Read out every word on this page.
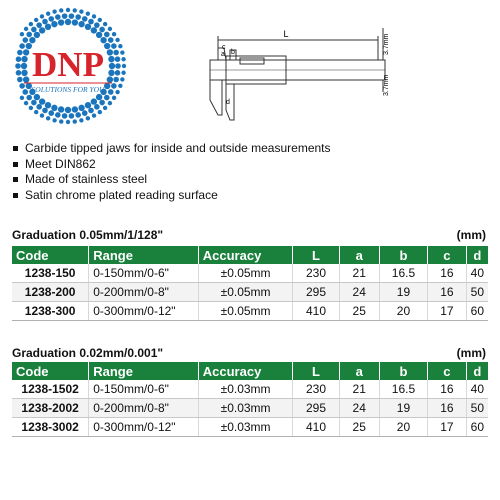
DNP
SOLUTIONS FOR YOU
L
a b
c
d
3.7mm
3.7mm
Carbide tipped jaws for inside and outside measurements
Meet DIN862
Made of stainless steel
Satin chrome plated reading surface
Graduation 0.05mm/1/128"	(mm)
Code	Range	Accuracy	L	a	b	c	d
1238-150	0-150mm/0-6"	±0.05mm	230	21	16.5	16	40
1238-200	0-200mm/0-8"	±0.05mm	295	24	19	16	50
1238-300	0-300mm/0-12"	±0.05mm	410	25	20	17	60
Graduation 0.02mm/0.001"	(mm)
Code	Range	Accuracy	L	a	b	c	d
1238-1502	0-150mm/0-6"	±0.03mm	230	21	16.5	16	40
1238-2002	0-200mm/0-8"	±0.03mm	295	24	19	16	50
1238-3002	0-300mm/0-12"	±0.03mm	410	25	20	17	60
